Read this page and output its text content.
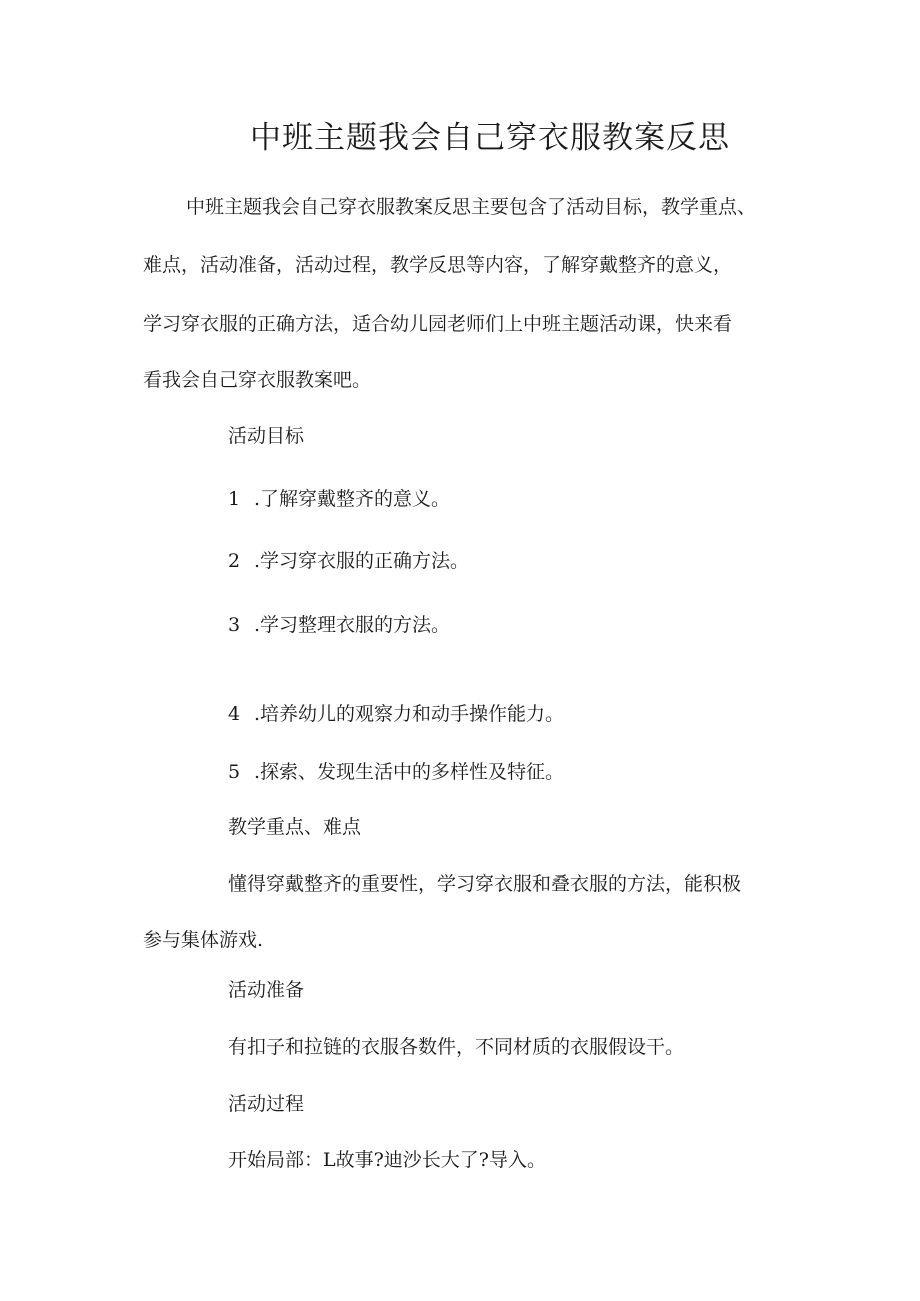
中班主题我会自己穿衣服教案反思
中班主题我会自己穿衣服教案反思主要包含了活动目标，教学重点、
难点，活动准备，活动过程，教学反思等内容，了解穿戴整齐的意义，
学习穿衣服的正确方法，适合幼儿园老师们上中班主题活动课，快来看
看我会自己穿衣服教案吧。
活动目标
1 .了解穿戴整齐的意义。
2 .学习穿衣服的正确方法。
3 .学习整理衣服的方法。
4 .培养幼儿的观察力和动手操作能力。
5 .探索、发现生活中的多样性及特征。
教学重点、难点
懂得穿戴整齐的重要性，学习穿衣服和叠衣服的方法，能积极
参与集体游戏.
活动准备
有扣子和拉链的衣服各数件，不同材质的衣服假设干。
活动过程
开始局部：L故事?迪沙长大了?导入。
